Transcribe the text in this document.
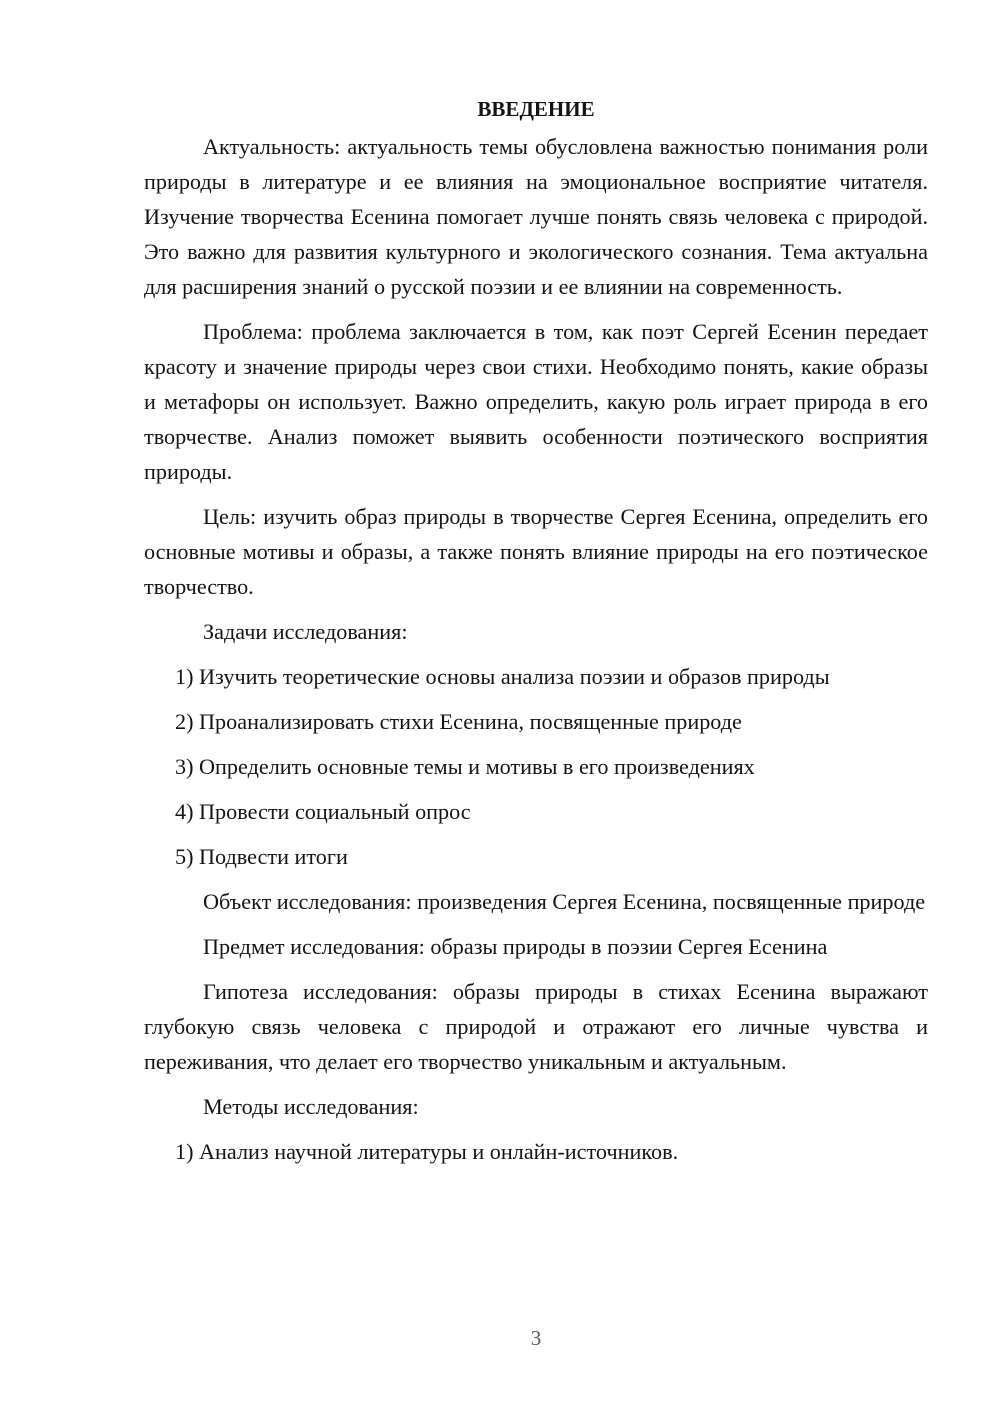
ВВЕДЕНИЕ

Актуальность: актуальность темы обусловлена важностью понимания роли природы в литературе и ее влияния на эмоциональное восприятие читателя. Изучение творчества Есенина помогает лучше понять связь человека с природой. Это важно для развития культурного и экологического сознания. Тема актуальна для расширения знаний о русской поэзии и ее влиянии на современность.

Проблема: проблема заключается в том, как поэт Сергей Есенин передает красоту и значение природы через свои стихи. Необходимо понять, какие образы и метафоры он использует. Важно определить, какую роль играет природа в его творчестве. Анализ поможет выявить особенности поэтического восприятия природы.

Цель: изучить образ природы в творчестве Сергея Есенина, определить его основные мотивы и образы, а также понять влияние природы на его поэтическое творчество.

Задачи исследования:

1) Изучить теоретические основы анализа поэзии и образов природы
2) Проанализировать стихи Есенина, посвященные природе
3) Определить основные темы и мотивы в его произведениях
4) Провести социальный опрос
5) Подвести итоги

Объект исследования: произведения Сергея Есенина, посвященные природе

Предмет исследования: образы природы в поэзии Сергея Есенина

Гипотеза исследования: образы природы в стихах Есенина выражают глубокую связь человека с природой и отражают его личные чувства и переживания, что делает его творчество уникальным и актуальным.

Методы исследования:

1) Анализ научной литературы и онлайн-источников.
3
